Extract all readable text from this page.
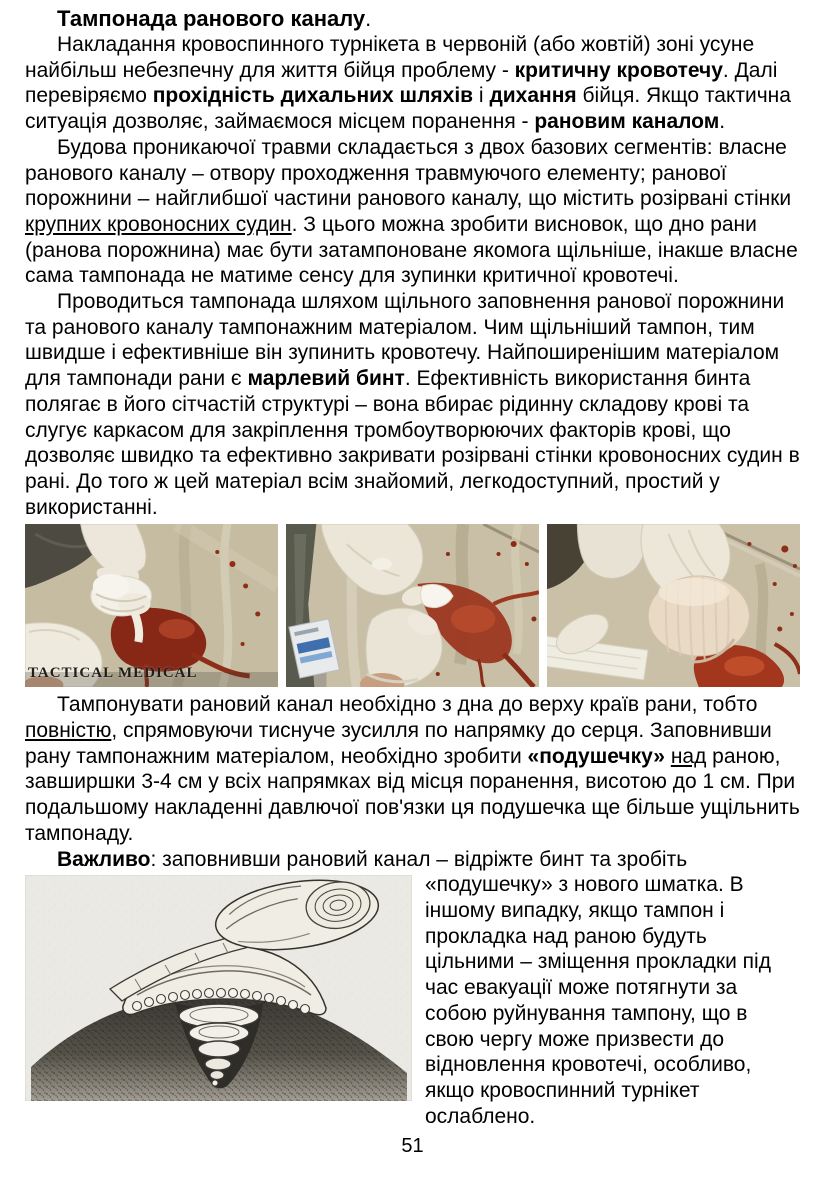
Тампонада ранового каналу.

Накладання кровоспинного турнікета в червоній (або жовтій) зоні усуне найбільш небезпечну для життя бійця проблему - критичну кровотечу. Далі перевіряємо прохідність дихальних шляхів і дихання бійця. Якщо тактична ситуація дозволяє, займаємося місцем поранення - рановим каналом.

Будова проникаючої травми складається з двох базових сегментів: власне ранового каналу – отвору проходження травмуючого елементу; ранової порожнини – найглибшої частини ранового каналу, що містить розірвані стінки крупних кровоносних судин. З цього можна зробити висновок, що дно рани (ранова порожнина) має бути затампоноване якомога щільніше, інакше власне сама тампонада не матиме сенсу для зупинки критичної кровотечі.

Проводиться тампонада шляхом щільного заповнення ранової порожнини та ранового каналу тампонажним матеріалом. Чим щільніший тампон, тим швидше і ефективніше він зупинить кровотечу. Найпоширенішим матеріалом для тампонади рани є марлевий бинт. Ефективність використання бинта полягає в його сітчастій структурі – вона вбирає рідинну складову крові та слугує каркасом для закріплення тромбоутворюючих факторів крові, що дозволяє швидко та ефективно закривати розірвані стінки кровоносних судин в рані. До того ж цей матеріал всім знайомий, легкодоступний, простий у використанні.

TACTICAL MEDICAL

Тампонувати рановий канал необхідно з дна до верху країв рани, тобто повністю, спрямовуючи тиснуче зусилля по напрямку до серця. Заповнивши рану тампонажним матеріалом, необхідно зробити «подушечку» над раною, завширшки 3-4 см у всіх напрямках від місця поранення, висотою до 1 см. При подальшому накладенні давлючої пов'язки ця подушечка ще більше ущільнить тампонаду.

Важливо: заповнивши рановий канал – відріжте бинт та зробіть
«подушечку» з нового шматка. В іншому випадку, якщо тампон і прокладка над раною будуть цільними – зміщення прокладки під час евакуації може потягнути за собою руйнування тампону, що в свою чергу може призвести до відновлення кровотечі, особливо, якщо кровоспинний турнікет ослаблено.

51
